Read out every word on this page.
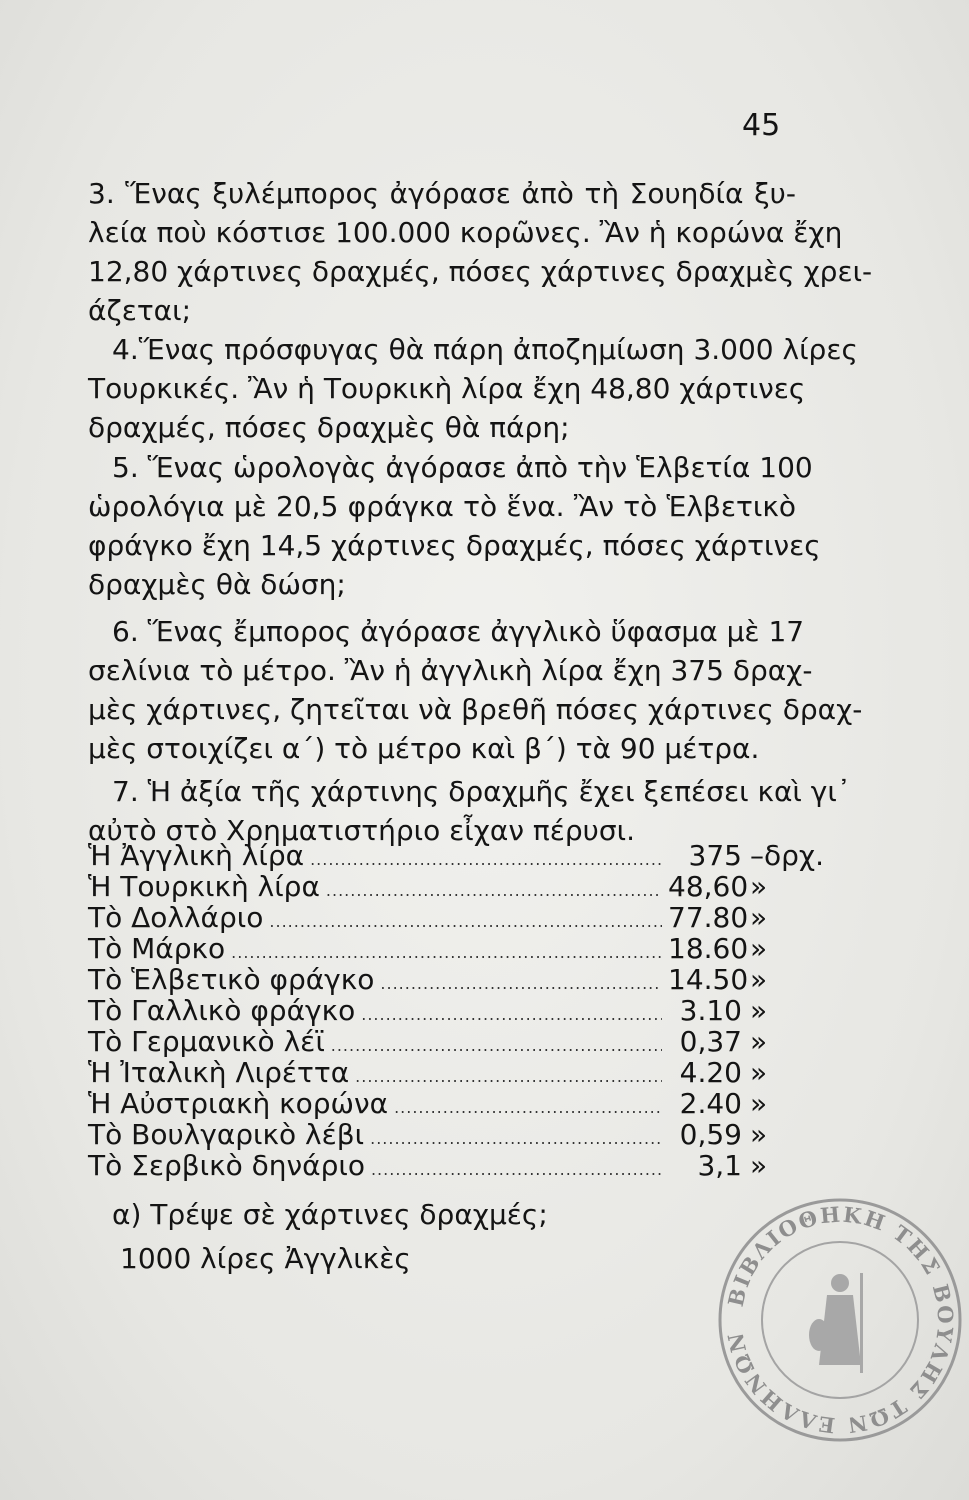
45
3. Ἕνας ξυλέμπορος ἀγόρασε ἀπὸ τὴ Σουηδία ξυ-
λεία ποὺ κόστισε 100.000 κορῶνες. Ἂν ἡ κορώνα ἔχη
12,80 χάρτινες δραχμές, πόσες χάρτινες δραχμὲς χρει-
άζεται;
4.Ἕνας πρόσφυγας θὰ πάρη ἀποζημίωση 3.000 λίρες
Τουρκικές. Ἂν ἡ Τουρκικὴ λίρα ἔχη 48,80 χάρτινες
δραχμές, πόσες δραχμὲς θὰ πάρη;
5. Ἕνας ὡρολογὰς ἀγόρασε ἀπὸ τὴν Ἑλβετία 100
ὡρολόγια μὲ 20,5 φράγκα τὸ ἕνα. Ἂν τὸ Ἑλβετικὸ
φράγκο ἔχη 14,5 χάρτινες δραχμές, πόσες χάρτινες
δραχμὲς θὰ δώση;
6. Ἕνας ἔμπορος ἀγόρασε ἀγγλικὸ ὕφασμα μὲ 17
σελίνια τὸ μέτρο. Ἂν ἡ ἀγγλικὴ λίρα ἔχη 375 δραχ-
μὲς χάρτινες, ζητεῖται νὰ βρεθῆ πόσες χάρτινες δραχ-
μὲς στοιχίζει α΄) τὸ μέτρο καὶ β΄) τὰ 90 μέτρα.
7. Ἡ ἀξία τῆς χάρτινης δραχμῆς ἔχει ξεπέσει καὶ γι᾽
αὐτὸ στὸ Χρηματιστήριο εἶχαν πέρυσι.
Ἡ Ἀγγλικὴ λίρα .....	375 –δρχ.
Ἡ Τουρκικὴ λίρα .....	48,60 »
Τὸ Δολλάριο .....	77.80 »
Τὸ Μάρκο .....	18.60 »
Τὸ Ἑλβετικὸ φράγκο .....	14.50 »
Τὸ Γαλλικὸ φράγκο .....	3.10 »
Τὸ Γερμανικὸ λέϊ .....	0,37 »
Ἡ Ἰταλικὴ Λιρέττα .....	4.20 »
Ἡ Αὐστριακὴ κορώνα .....	2.40 »
Τὸ Βουλγαρικὸ λέβι .....	0,59 »
Τὸ Σερβικὸ δηνάριο .....	3,1 »
α) Τρέψε σὲ χάρτινες δραχμές;
1000 λίρες Ἀγγλικὲς
ΒΙΒΛΙΟΘΗΚΗ ΤΗΣ ΒΟΥΛΗΣ ΤΩΝ ΕΛΛΗΝΩΝ
